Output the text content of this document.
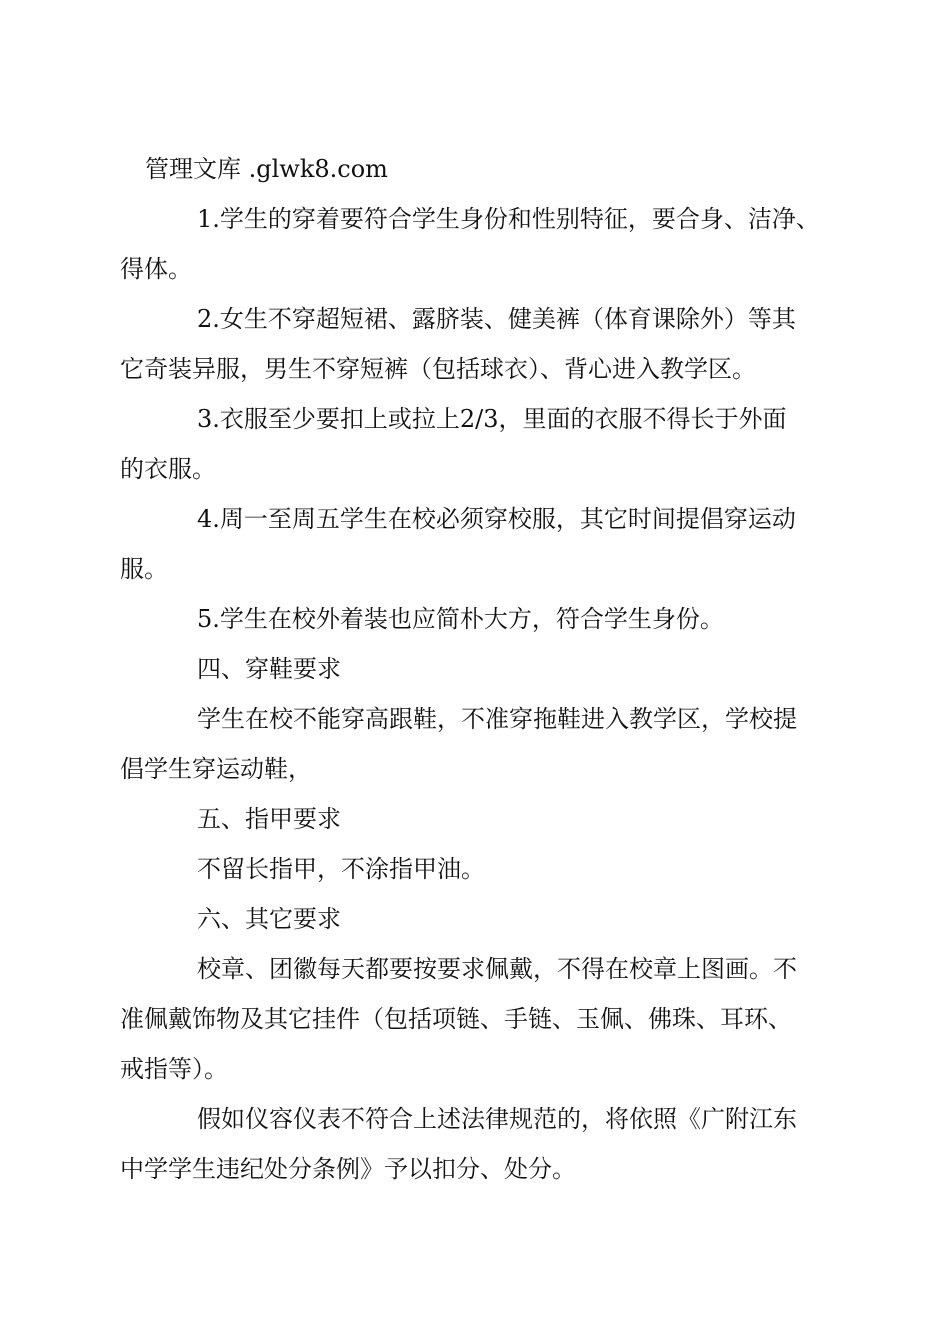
管理文库 .glwk8.com
1.学生的穿着要符合学生身份和性别特征，要合身、洁净、
得体。
2.女生不穿超短裙、露脐装、健美裤（体育课除外）等其
它奇装异服，男生不穿短裤（包括球衣）、背心进入教学区。
3.衣服至少要扣上或拉上2/3，里面的衣服不得长于外面
的衣服。
4.周一至周五学生在校必须穿校服，其它时间提倡穿运动
服。
5.学生在校外着装也应简朴大方，符合学生身份。
四、穿鞋要求
学生在校不能穿高跟鞋，不准穿拖鞋进入教学区，学校提
倡学生穿运动鞋，
五、指甲要求
不留长指甲，不涂指甲油。
六、其它要求
校章、团徽每天都要按要求佩戴，不得在校章上图画。不
准佩戴饰物及其它挂件（包括项链、手链、玉佩、佛珠、耳环、
戒指等）。
假如仪容仪表不符合上述法律规范的，将依照《广附江东
中学学生违纪处分条例》予以扣分、处分。
